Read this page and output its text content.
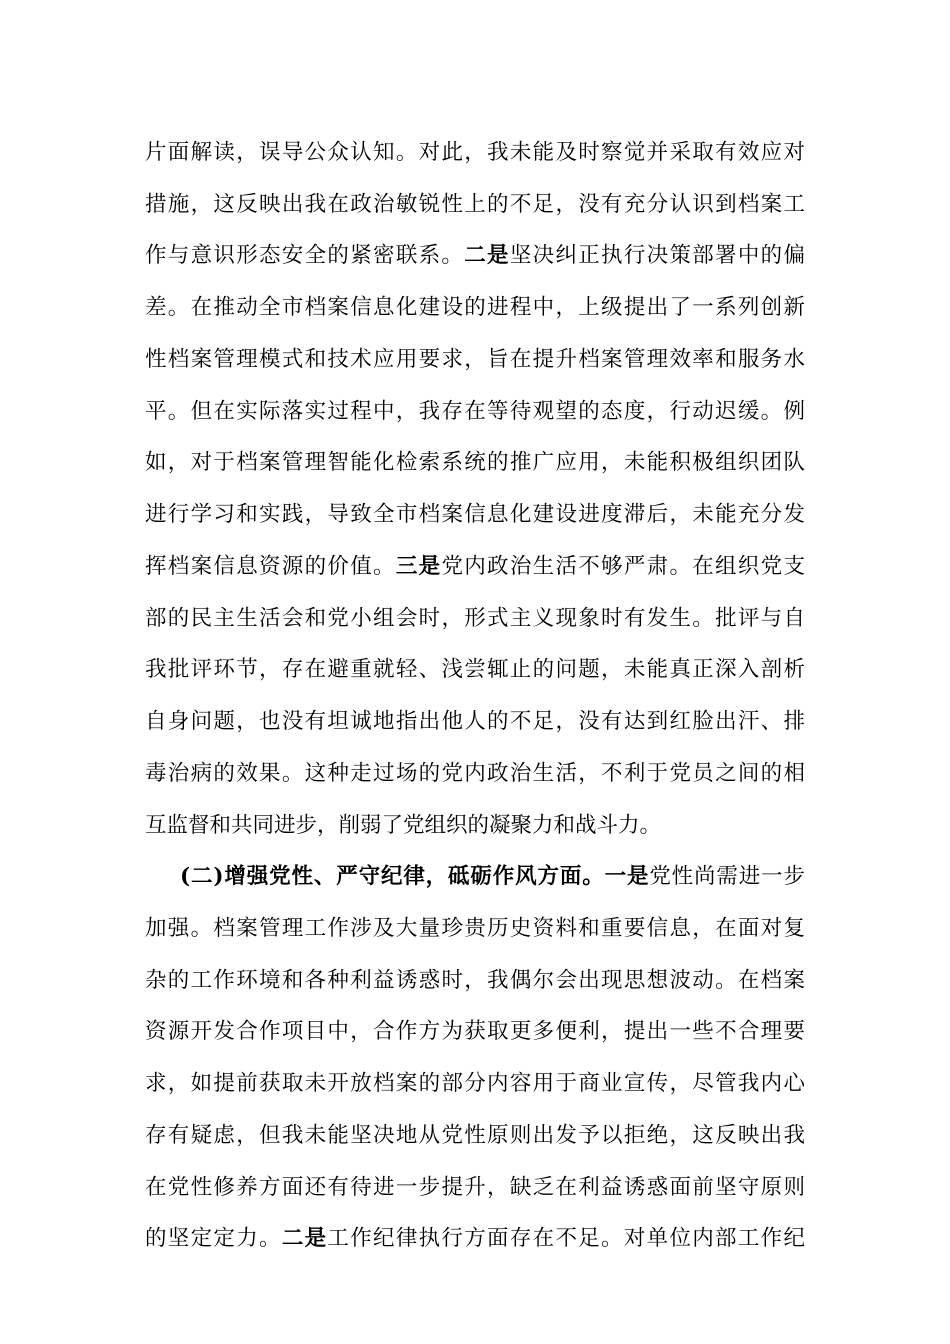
片面解读，误导公众认知。对此，我未能及时察觉并采取有效应对
措施，这反映出我在政治敏锐性上的不足，没有充分认识到档案工
作与意识形态安全的紧密联系。二是坚决纠正执行决策部署中的偏
差。在推动全市档案信息化建设的进程中，上级提出了一系列创新
性档案管理模式和技术应用要求，旨在提升档案管理效率和服务水
平。但在实际落实过程中，我存在等待观望的态度，行动迟缓。例
如，对于档案管理智能化检索系统的推广应用，未能积极组织团队
进行学习和实践，导致全市档案信息化建设进度滞后，未能充分发
挥档案信息资源的价值。三是党内政治生活不够严肃。在组织党支
部的民主生活会和党小组会时，形式主义现象时有发生。批评与自
我批评环节，存在避重就轻、浅尝辄止的问题，未能真正深入剖析
自身问题，也没有坦诚地指出他人的不足，没有达到红脸出汗、排
毒治病的效果。这种走过场的党内政治生活，不利于党员之间的相
互监督和共同进步，削弱了党组织的凝聚力和战斗力。
(二)增强党性、严守纪律，砥砺作风方面。一是党性尚需进一步
加强。档案管理工作涉及大量珍贵历史资料和重要信息，在面对复
杂的工作环境和各种利益诱惑时，我偶尔会出现思想波动。在档案
资源开发合作项目中，合作方为获取更多便利，提出一些不合理要
求，如提前获取未开放档案的部分内容用于商业宣传，尽管我内心
存有疑虑，但我未能坚决地从党性原则出发予以拒绝，这反映出我
在党性修养方面还有待进一步提升，缺乏在利益诱惑面前坚守原则
的坚定定力。二是工作纪律执行方面存在不足。对单位内部工作纪
